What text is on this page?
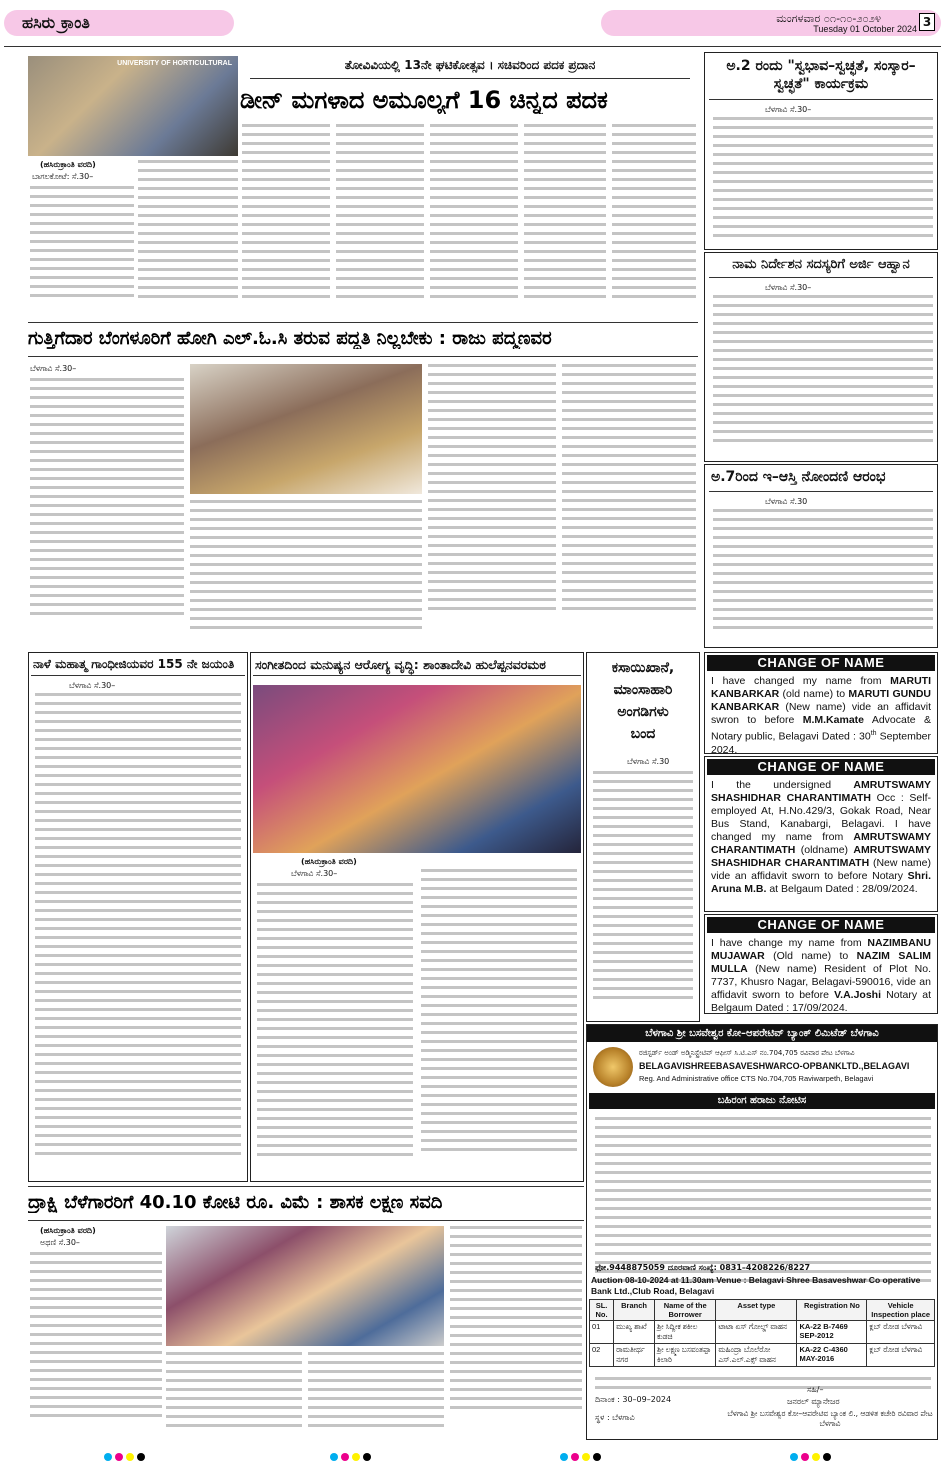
ಹಸಿರು ಕ್ರಾಂತಿ	ಮಂಗಳವಾರ ೦೧-೧೦-೨೦೨೪
Tuesday 01 October 2024 3
UNIVERSITY OF HORTICULTURAL	ತೋವಿವಿಯಲ್ಲಿ 13ನೇ ಘಟಿಕೋತ್ಸವ । ಸಚಿವರಿಂದ ಪದಕ ಪ್ರದಾನ
ಡೀನ್ ಮಗಳಾದ ಅಮೂಲ್ಯಗೆ 16 ಚಿನ್ನದ ಪದಕ
(ಹಸಿರುಕ್ರಾಂತಿ ವರದಿ)
ಬಾಗಲಕೋಟೆ: ಸೆ.30–
ಅ.2 ರಂದು "ಸ್ವಭಾವ–ಸ್ವಚ್ಛತೆ, ಸಂಸ್ಕಾರ–ಸ್ವಚ್ಛತೆ" ಕಾರ್ಯಕ್ರಮ
ಬೆಳಗಾವಿ ಸೆ.30–
ನಾಮ ನಿರ್ದೇಶನ ಸದಸ್ಯರಿಗೆ ಅರ್ಜಿ ಆಹ್ವಾನ
ಬೆಳಗಾವಿ ಸೆ.30–
ಗುತ್ತಿಗೆದಾರ ಬೆಂಗಳೂರಿಗೆ ಹೋಗಿ ಎಲ್.ಓ.ಸಿ ತರುವ ಪದ್ಧತಿ ನಿಲ್ಲಬೇಕು : ರಾಜು ಪದ್ಮಣವರ
ಬೆಳಗಾವಿ ಸೆ.30–
ಅ.7ರಿಂದ ಇ–ಆಸ್ತಿ ನೋಂದಣಿ ಆರಂಭ
ಬೆಳಗಾವಿ ಸೆ.30
ನಾಳೆ ಮಹಾತ್ಮ ಗಾಂಧೀಜಿಯವರ 155 ನೇ ಜಯಂತಿ
ಬೆಳಗಾವಿ ಸೆ.30–
ಸಂಗೀತದಿಂದ ಮನುಷ್ಯನ ಆರೋಗ್ಯ ವೃದ್ಧಿ: ಶಾಂತಾದೇವಿ ಹುಲೆಪ್ಪನವರಮಠ
(ಹಸಿರುಕ್ರಾಂತಿ ವರದಿ)
ಬೆಳಗಾವಿ ಸೆ.30–
ಕಸಾಯಿಖಾನೆ,
ಮಾಂಸಾಹಾರಿ
ಅಂಗಡಿಗಳು
ಬಂದ
ಬೆಳಗಾವಿ ಸೆ.30
CHANGE OF NAME
I have changed my name from MARUTI KANBARKAR (old name) to MARUTI GUNDU KANBARKAR (New name) vide an affidavit swron to before M.M.Kamate Advocate & Notary public, Belagavi Dated : 30th September 2024.
CHANGE OF NAME
I the undersigned AMRUTSWAMY SHASHIDHAR CHARANTIMATH Occ : Self-employed At, H.No.429/3, Gokak Road, Near Bus Stand, Kanabargi, Belagavi. I have changed my name from AMRUTSWAMY CHARANTIMATH (oldname) AMRUTSWAMY SHASHIDHAR CHARANTIMATH (New name) vide an affidavit sworn to before Notary Shri. Aruna M.B. at Belgaum Dated : 28/09/2024.
CHANGE OF NAME
I have change my name from NAZIMBANU MUJAWAR (Old name) to NAZIM SALIM MULLA (New name) Resident of Plot No. 7737, Khusro Nagar, Belagavi-590016, vide an affidavit sworn to before V.A.Joshi Notary at Belgaum Dated : 17/09/2024.
ಬೆಳಗಾವಿ ಶ್ರೀ ಬಸವೇಶ್ವರ ಕೋ–ಆಪರೇಟಿವ್ ಬ್ಯಾಂಕ್ ಲಿಮಿಟೆಡ್ ಬೆಳಗಾವಿ
ರಜಿಸ್ಟರ್ಡ್ ಅಂಡ್ ಅಡ್ಮಿನಿಸ್ಟ್ರೇಟಿವ್ ಆಫೀಸ್ ಸಿ.ಟಿ.ಎಸ್ ನಂ.704,705 ರವಿವಾರ ಪೇಟ ಬೆಳಗಾವಿ
BELAGAVISHREEBASAVESHWARCO-OPBANKLTD.,BELAGAVI
Reg. And Administrative office CTS No.704,705 Raviwarpeth, Belagavi
ಬಹಿರಂಗ ಹರಾಜು ನೋಟಿಸ
ಫೋ.9448875059 ದೂರವಾಣಿ ಸಂಖ್ಯೆ: 0831–4208226/8227
Auction 08-10-2024 at 11.30am Venue : Belagavi Shree Basaveshwar Co operative Bank Ltd.,Club Road, Belagavi
SL. No.	Branch	Name of the Borrower	Asset type	Registration No	Vehicle Inspection place
01	ಮುಖ್ಯ ಶಾಖೆ	ಶ್ರೀ ಸಿದ್ದೀಕ ಶಕೀಲ ಕುಡಚಿ	ಟಾಟಾ ಏಸ್ ಗೋಲ್ಡ್ ವಾಹನ	KA-22 B-7469 SEP-2012	ಕ್ಲಬ್ ರೋಡ ಬೆಳಗಾವಿ
02	ರಾಮತೀರ್ಥ ನಗರ	ಶ್ರೀ ಲಕ್ಷ್ಮಣ ಬಸವಂತಪ್ಪಾ ಕಿಲಾರಿ	ಮಹಿಂದ್ರಾ ಬೊಲೆರೋ ಎಸ್.ಎಲ್.ಎಕ್ಸ್ ವಾಹನ	KA-22 C-4360 MAY-2016	ಕ್ಲಬ್ ರೋಡ ಬೆಳಗಾವಿ
ದಿನಾಂಕ : 30–09–2024
ಸ್ಥಳ : ಬೆಳಗಾವಿ
ಸಹಿ/–
ಜನರಲ್ ಮ್ಯಾನೇಜರ
ಬೆಳಗಾವಿ ಶ್ರೀ ಬಸವೇಶ್ವರ ಕೋ–ಆಪರೇಟಿವ ಬ್ಯಾಂಕ ಲಿ., ಆಡಳಿತ ಕಚೇರಿ ರವಿವಾರ ಪೇಟ ಬೆಳಗಾವಿ
ದ್ರಾಕ್ಷಿ ಬೆಳೆಗಾರರಿಗೆ 40.10 ಕೋಟಿ ರೂ. ವಿಮೆ : ಶಾಸಕ ಲಕ್ಷ್ಮಣ ಸವದಿ
(ಹಸಿರುಕ್ರಾಂತಿ ವರದಿ)
ಅಥಣಿ ಸೆ.30–
